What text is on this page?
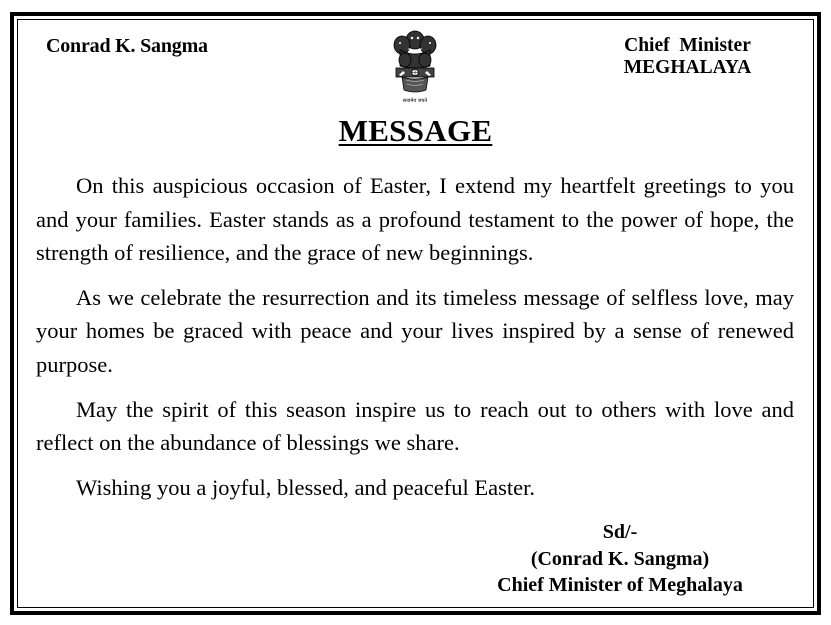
Conrad K. Sangma
सत्यमेव जयते
Chief  Minister
MEGHALAYA
MESSAGE

On this auspicious occasion of Easter, I extend my heartfelt greetings to you and your families. Easter stands as a profound testament to the power of hope, the strength of resilience, and the grace of new beginnings.

As we celebrate the resurrection and its timeless message of selfless love, may your homes be graced with peace and your lives inspired by a sense of renewed purpose.

May the spirit of this season inspire us to reach out to others with love and reflect on the abundance of blessings we share.

Wishing you a joyful, blessed, and peaceful Easter.

Sd/-
(Conrad K. Sangma)
Chief Minister of Meghalaya
